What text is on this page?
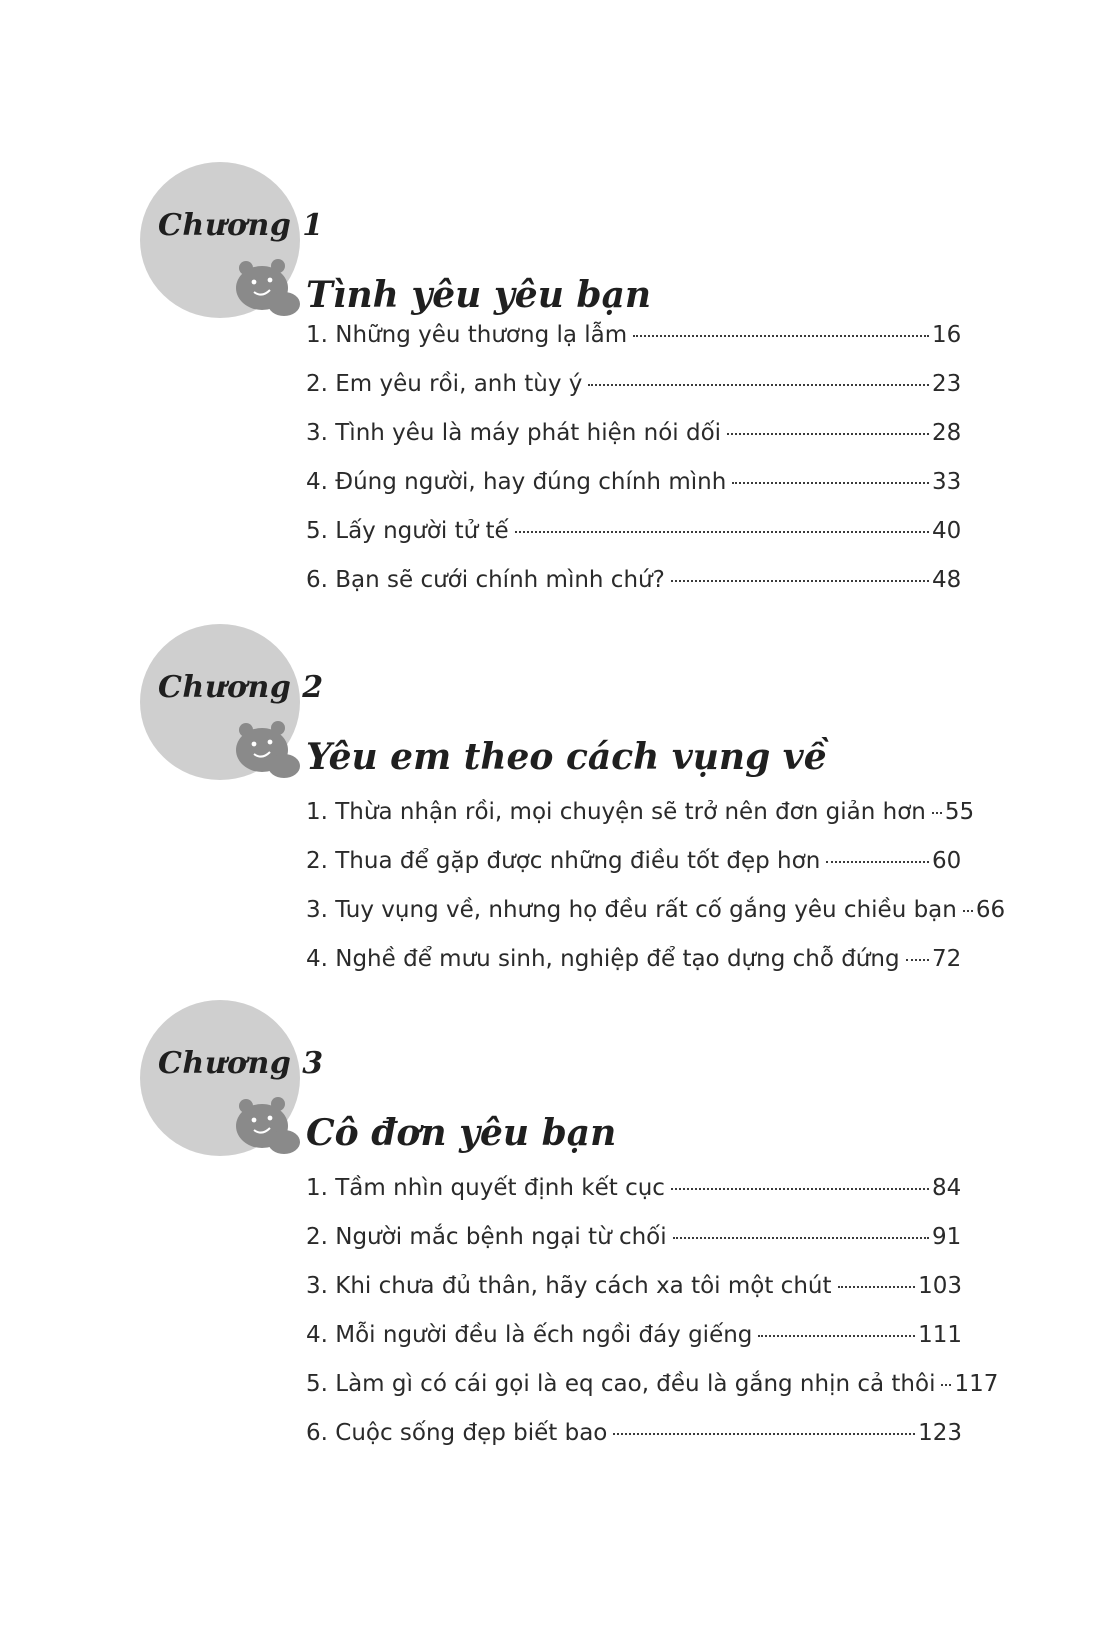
Chương 1
Tình yêu yêu bạn
1. Những yêu thương lạ lẫm	16
2. Em yêu rồi, anh tùy ý	23
3. Tình yêu là máy phát hiện nói dối	28
4. Đúng người, hay đúng chính mình	33
5. Lấy người tử tế	40
6. Bạn sẽ cưới chính mình chứ?	48
Chương 2
Yêu em theo cách vụng về
1. Thừa nhận rồi, mọi chuyện sẽ trở nên đơn giản hơn 55
2. Thua để gặp được những điều tốt đẹp hơn	60
3. Tuy vụng về, nhưng họ đều rất cố gắng yêu chiều bạn 66
4. Nghề để mưu sinh, nghiệp để tạo dựng chỗ đứng 72
Chương 3
Cô đơn yêu bạn
1. Tầm nhìn quyết định kết cục	84
2. Người mắc bệnh ngại từ chối	91
3. Khi chưa đủ thân, hãy cách xa tôi một chút	103
4. Mỗi người đều là ếch ngồi đáy giếng	111
5. Làm gì có cái gọi là eq cao, đều là gắng nhịn cả thôi 117
6. Cuộc sống đẹp biết bao	123
